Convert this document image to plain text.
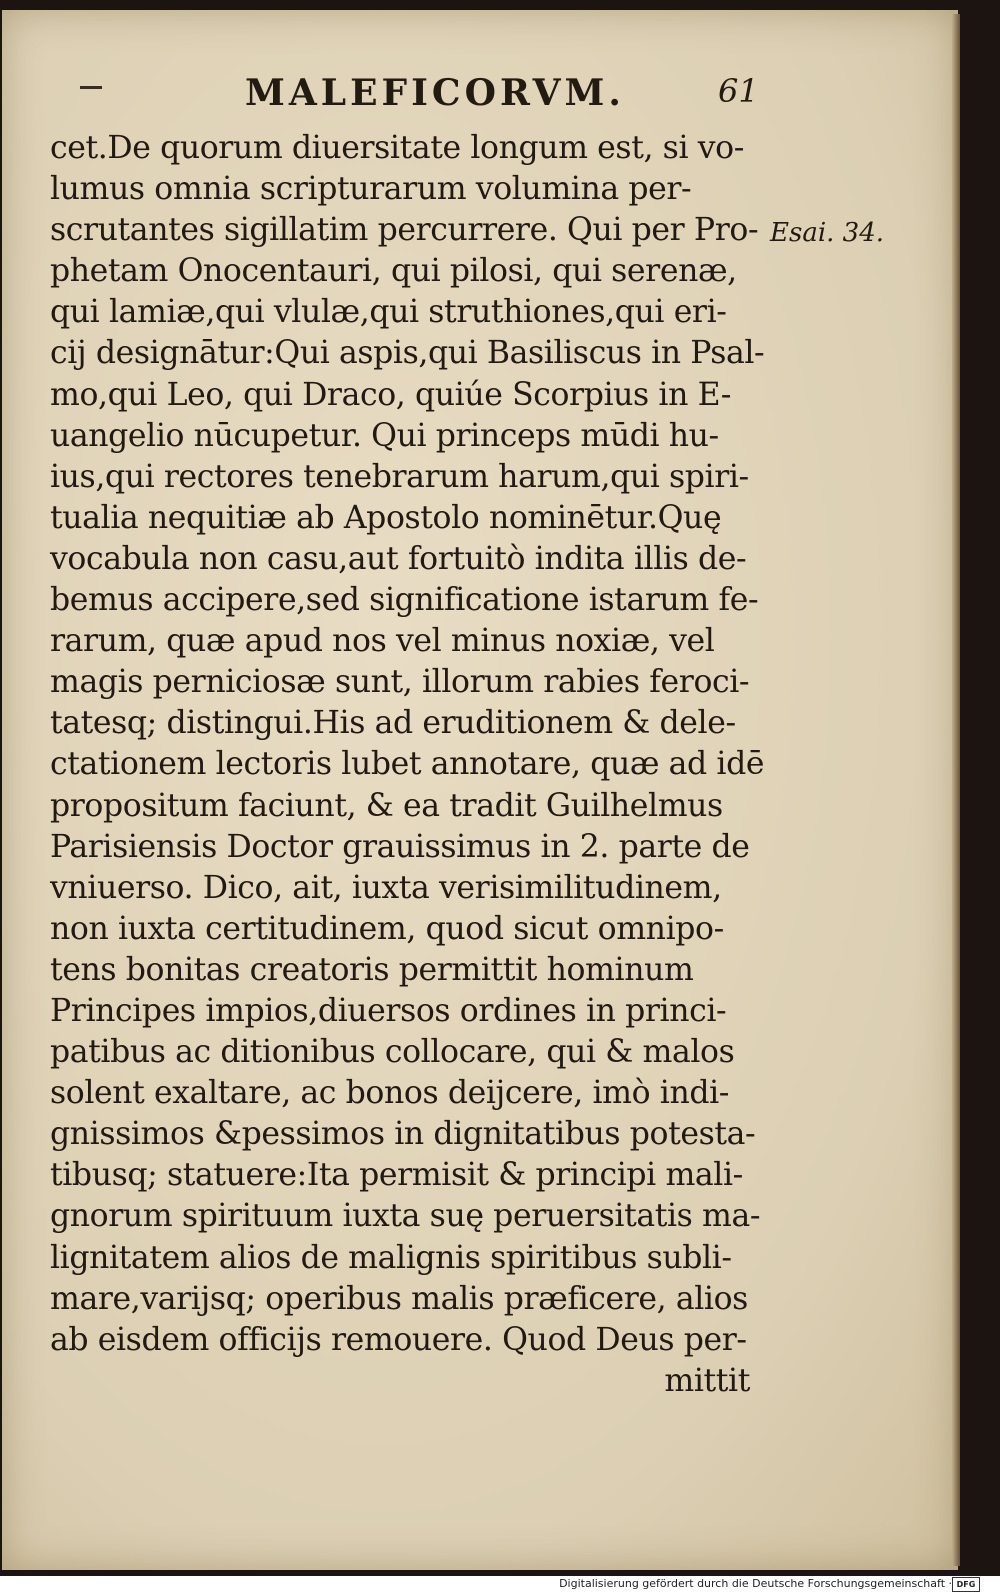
MALEFICORVM.	61
Esai. 34.
cet.De quorum diuersitate longum est, si vo-
lumus omnia scripturarum volumina per-
scrutantes sigillatim percurrere. Qui per Pro-
phetam Onocentauri, qui pilosi, qui serenæ,
qui lamiæ,qui vlulæ,qui struthiones,qui eri-
cij designātur:Qui aspis,qui Basiliscus in Psal-
mo,qui Leo, qui Draco, quiúe Scorpius in E-
uangelio nūcupetur. Qui princeps mūdi hu-
ius,qui rectores tenebrarum harum,qui spiri-
tualia nequitiæ ab Apostolo nominētur.Quę
vocabula non casu,aut fortuitò indita illis de-
bemus accipere,sed significatione istarum fe-
rarum, quæ apud nos vel minus noxiæ, vel
magis perniciosæ sunt, illorum rabies feroci-
tatesq; distingui.His ad eruditionem & dele-
ctationem lectoris lubet annotare, quæ ad idē
propositum faciunt, & ea tradit Guilhelmus
Parisiensis Doctor grauissimus in 2. parte de
vniuerso. Dico, ait, iuxta verisimilitudinem,
non iuxta certitudinem, quod sicut omnipo-
tens bonitas creatoris permittit hominum
Principes impios,diuersos ordines in princi-
patibus ac ditionibus collocare, qui & malos
solent exaltare, ac bonos deijcere, imò indi-
gnissimos &pessimos in dignitatibus potesta-
tibusq; statuere:Ita permisit & principi mali-
gnorum spirituum iuxta suę peruersitatis ma-
lignitatem alios de malignis spiritibus subli-
mare,varijsq; operibus malis præficere, alios
ab eisdem officijs remouere. Quod Deus per-
mittit
Digitalisierung gefördert durch die Deutsche Forschungsgemeinschaft · DFG
